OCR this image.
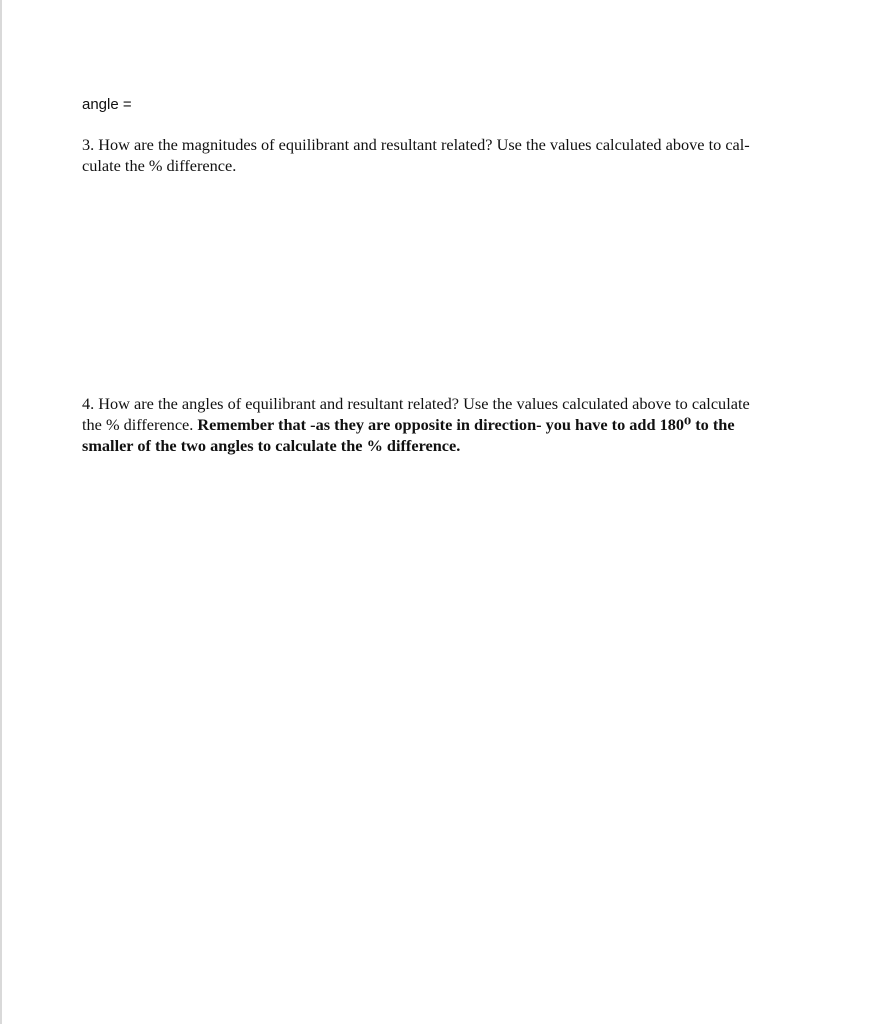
angle =
3. How are the magnitudes of equilibrant and resultant related? Use the values calculated above to cal-
culate the % difference.
4. How are the angles of equilibrant and resultant related? Use the values calculated above to calculate
the % difference. Remember that -as they are opposite in direction- you have to add 180⁰ to the
smaller of the two angles to calculate the % difference.
